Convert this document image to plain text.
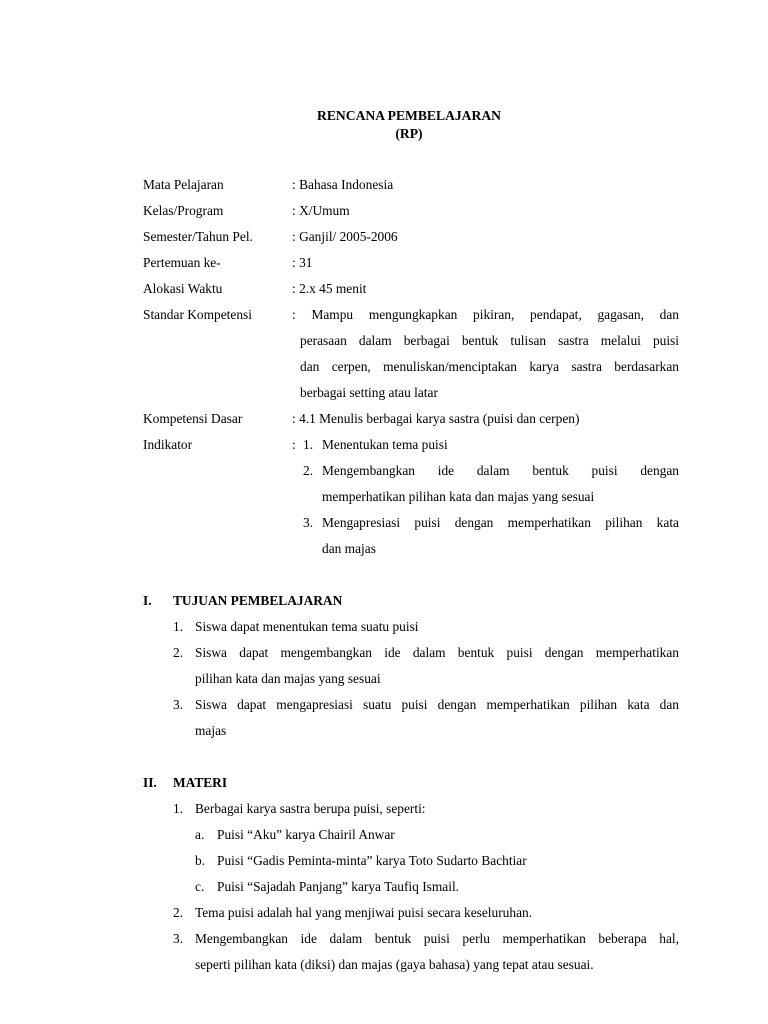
RENCANA PEMBELAJARAN
(RP)
Mata Pelajaran	: Bahasa Indonesia
Kelas/Program	: X/Umum
Semester/Tahun Pel.	: Ganjil/ 2005-2006
Pertemuan ke-	: 31
Alokasi Waktu	: 2.x 45 menit
Standar Kompetensi	: Mampu mengungkapkan pikiran, pendapat, gagasan, dan
perasaan dalam berbagai bentuk tulisan sastra melalui puisi
dan cerpen, menuliskan/menciptakan karya sastra berdasarkan
berbagai setting atau latar
Kompetensi Dasar	: 4.1 Menulis berbagai karya sastra (puisi dan cerpen)
Indikator	: 1. Menentukan tema puisi
2. Mengembangkan ide dalam bentuk puisi dengan
memperhatikan pilihan kata dan majas yang sesuai
3. Mengapresiasi puisi dengan memperhatikan pilihan kata
dan majas
I. TUJUAN PEMBELAJARAN
1. Siswa dapat menentukan tema suatu puisi
2. Siswa dapat mengembangkan ide dalam bentuk puisi dengan memperhatikan
pilihan kata dan majas yang sesuai
3. Siswa dapat mengapresiasi suatu puisi dengan memperhatikan pilihan kata dan
majas
II. MATERI
1. Berbagai karya sastra berupa puisi, seperti:
a. Puisi “Aku” karya Chairil Anwar
b. Puisi “Gadis Peminta-minta” karya Toto Sudarto Bachtiar
c. Puisi “Sajadah Panjang” karya Taufiq Ismail.
2. Tema puisi adalah hal yang menjiwai puisi secara keseluruhan.
3. Mengembangkan ide dalam bentuk puisi perlu memperhatikan beberapa hal,
seperti pilihan kata (diksi) dan majas (gaya bahasa) yang tepat atau sesuai.
